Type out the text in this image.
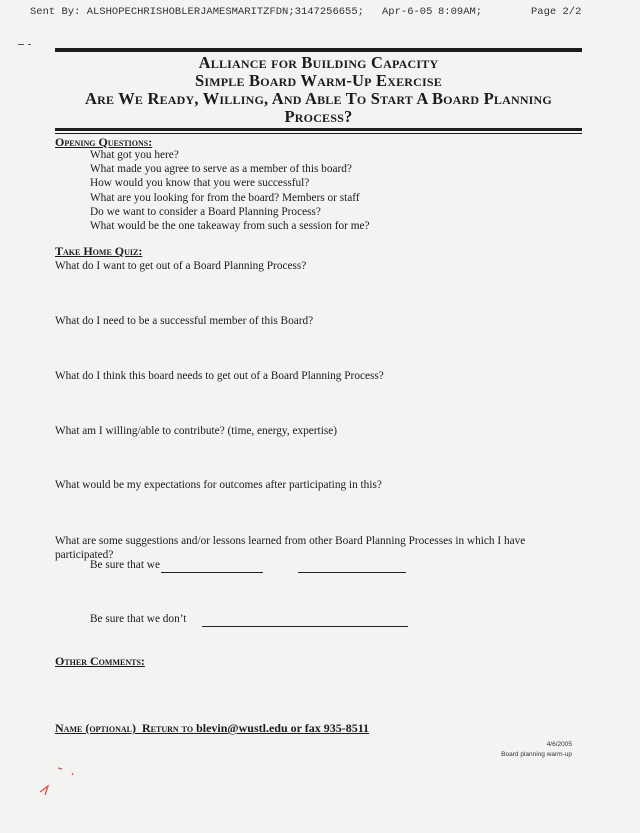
Sent By: ALSHOPECHRISHOBLERJAMESMARITZFDN;3147256655; Apr-6-05 8:09AM;	Page 2/2
Alliance for Building Capacity
Simple Board Warm-Up Exercise
Are We Ready, Willing, And Able To Start A Board Planning
Process?
Opening Questions:
What got you here?
What made you agree to serve as a member of this board?
How would you know that you were successful?
What are you looking for from the board? Members or staff
Do we want to consider a Board Planning Process?
What would be the one takeaway from such a session for me?
Take Home Quiz:
What do I want to get out of a Board Planning Process?
What do I need to be a successful member of this Board?
What do I think this board needs to get out of a Board Planning Process?
What am I willing/able to contribute? (time, energy, expertise)
What would be my expectations for outcomes after participating in this?
What are some suggestions and/or lessons learned from other Board Planning Processes in which I have participated?
Be sure that we
Be sure that we don’t
Other Comments:
Name (optional) Return to blevin@wustl.edu or fax 935-8511
4/6/2005
Board planning warm-up
